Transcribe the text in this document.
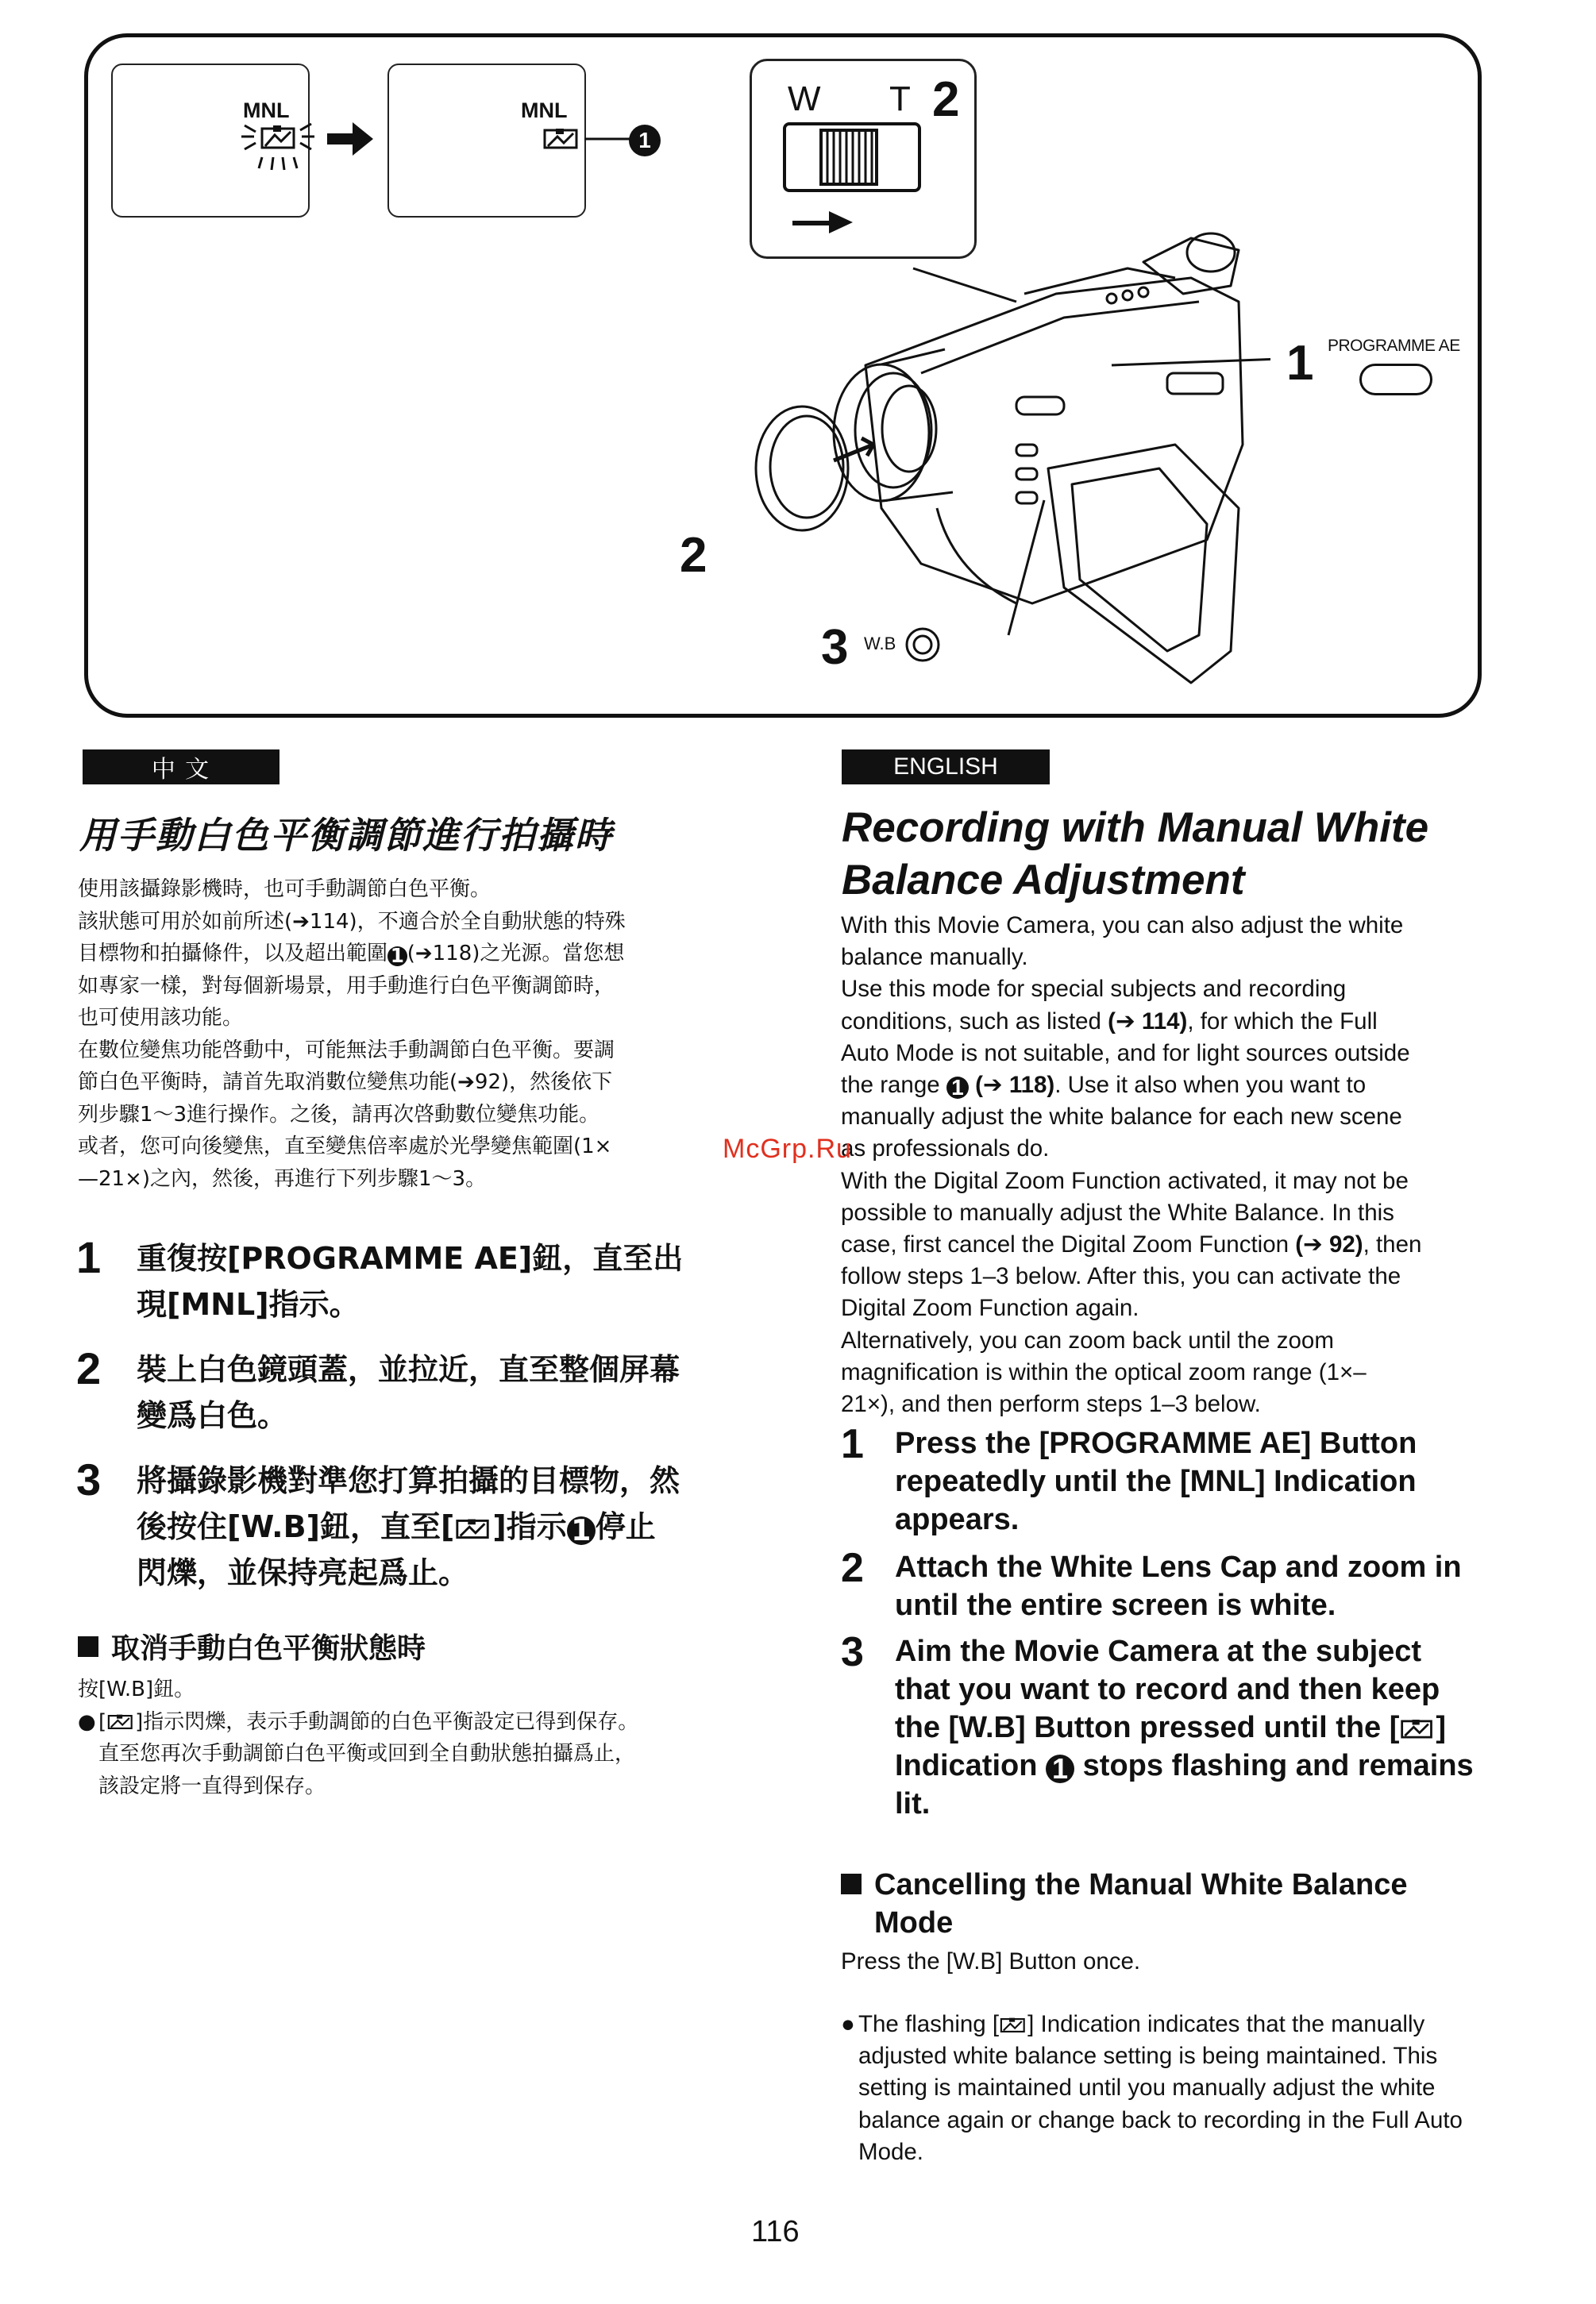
MNL	MNL
1
W T 2
1 PROGRAMME AE
2
3 W.B
中 文	ENGLISH
用手動白色平衡調節進行拍攝時

使用該攝錄影機時，也可手動調節白色平衡。

該狀態可用於如前所述(➔114)，不適合於全自動狀態的特殊

目標物和拍攝條件，以及超出範圍 1 (➔118)之光源。當您想

如專家一樣，對每個新場景，用手動進行白色平衡調節時，

也可使用該功能。

在數位變焦功能啓動中，可能無法手動調節白色平衡。要調

節白色平衡時，請首先取消數位變焦功能(➔92)，然後依下

列步驟1～3進行操作。之後，請再次啓動數位變焦功能。

或者，您可向後變焦，直至變焦倍率處於光學變焦範圍(1×

—21×)之內，然後，再進行下列步驟1～3。

1	重復按[PROGRAMME AE]鈕，直至出
現[MNL]指示。
2	裝上白色鏡頭蓋，並拉近，直至整個屏幕
變爲白色。
3	將攝錄影機對準您打算拍攝的目標物，然
後按住[W.B]鈕，直至[ ]指示 1 停止
閃爍，並保持亮起爲止。
取消手動白色平衡狀態時

按[W.B]鈕。

● [ ]指示閃爍，表示手動調節的白色平衡設定已得到保存。
直至您再次手動調節白色平衡或回到全自動狀態拍攝爲止，
該設定將一直得到保存。
Recording with Manual White
Balance Adjustment

With this Movie Camera, you can also adjust the white

balance manually.

Use this mode for special subjects and recording

conditions, such as listed (➔ 114), for which the Full

Auto Mode is not suitable, and for light sources outside

the range 1 (➔ 118). Use it also when you want to

manually adjust the white balance for each new scene

as professionals do.

With the Digital Zoom Function activated, it may not be

possible to manually adjust the White Balance. In this

case, first cancel the Digital Zoom Function (➔ 92), then

follow steps 1–3 below. After this, you can activate the

Digital Zoom Function again.

Alternatively, you can zoom back until the zoom

magnification is within the optical zoom range (1×–

21×), and then perform steps 1–3 below.

1	Press the [PROGRAMME AE] Button repeatedly until the [MNL] Indication appears.
2	Attach the White Lens Cap and zoom in until the entire screen is white.
3	Aim the Movie Camera at the subject that you want to record and then keep the [W.B] Button pressed until the [ ] Indication 1 stops flashing and remains lit.
Cancelling the Manual White Balance Mode
Press the [W.B] Button once.
● The flashing [ ] Indication indicates that the manually adjusted white balance setting is being maintained. This setting is maintained until you manually adjust the white balance again or change back to recording in the Full Auto Mode.
McGrp.Ru
116
